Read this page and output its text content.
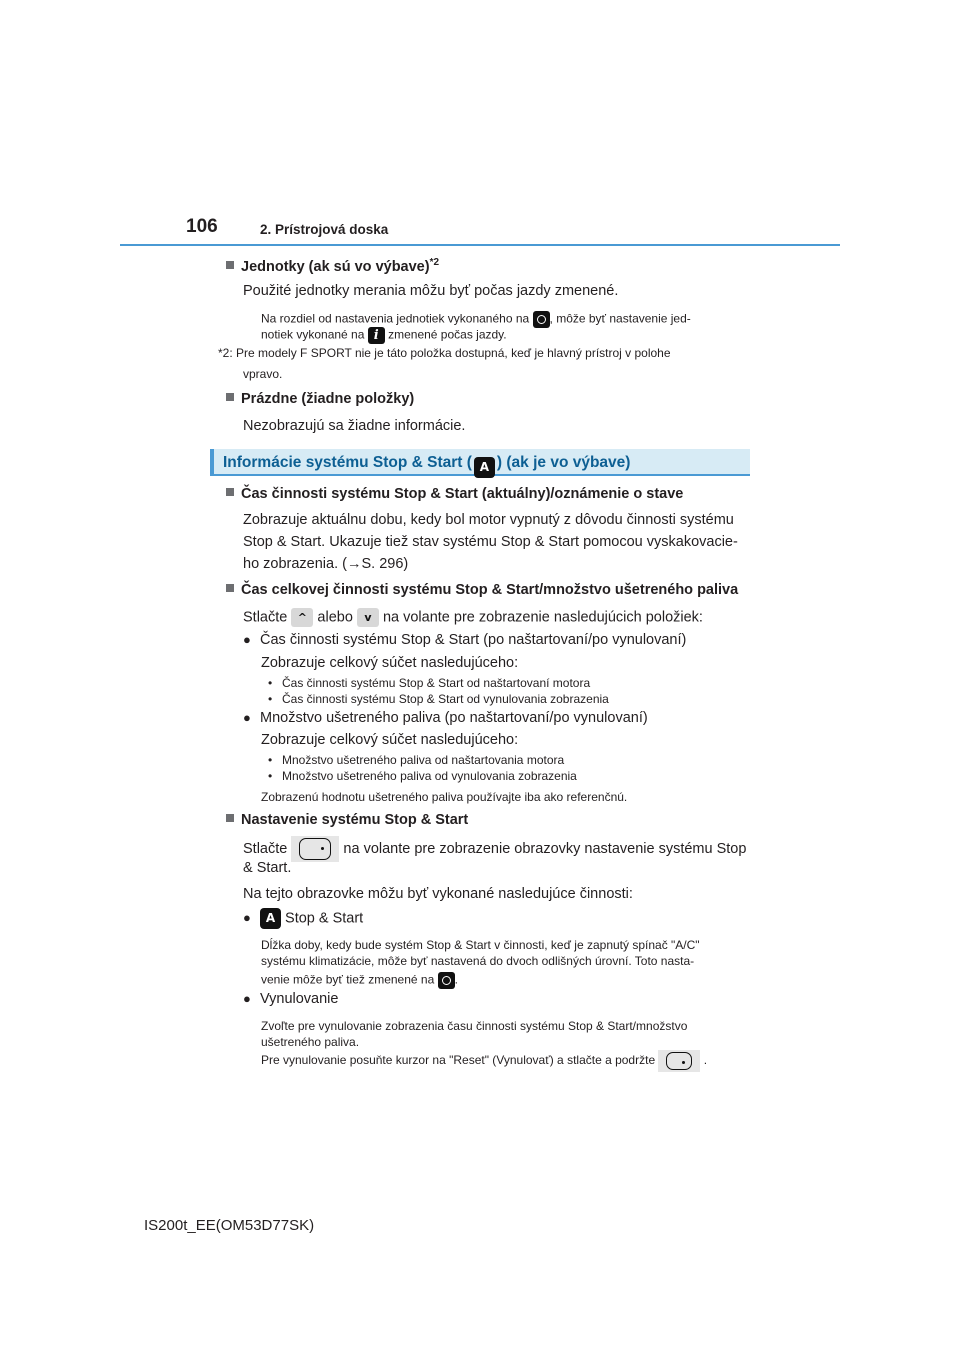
106	2. Prístrojová doska
Jednotky (ak sú vo výbave)$^{*2}$
Použité jednotky merania môžu byť počas jazdy zmenené.
Na rozdiel od nastavenia jednotiek vykonaného na , môže byť nastavenie jed-
notiek vykonané na i zmenené počas jazdy.
*2: Pre modely F SPORT nie je táto položka dostupná, keď je hlavný prístroj v polohe
vpravo.
Prázdne (žiadne položky)
Nezobrazujú sa žiadne informácie.
Informácie systému Stop & Start ( A ) (ak je vo výbave)
Čas činnosti systému Stop & Start (aktuálny)/oznámenie o stave
Zobrazuje aktuálnu dobu, kedy bol motor vypnutý z dôvodu činnosti systému
Stop & Start. Ukazuje tiež stav systému Stop & Start pomocou vyskakovacie-
ho zobrazenia. (→S. 296)
Čas celkovej činnosti systému Stop & Start/množstvo ušetreného paliva
Stlačte ^ alebo v na volante pre zobrazenie nasledujúcich položiek:
● Čas činnosti systému Stop & Start (po naštartovaní/po vynulovaní)
Zobrazuje celkový súčet nasledujúceho:
• Čas činnosti systému Stop & Start od naštartovaní motora
• Čas činnosti systému Stop & Start od vynulovania zobrazenia
● Množstvo ušetreného paliva (po naštartovaní/po vynulovaní)
Zobrazuje celkový súčet nasledujúceho:
• Množstvo ušetreného paliva od naštartovania motora
• Množstvo ušetreného paliva od vynulovania zobrazenia
Zobrazenú hodnotu ušetreného paliva používajte iba ako referenčnú.
Nastavenie systému Stop & Start
Stlačte	na volante pre zobrazenie obrazovky nastavenie systému Stop
& Start.
Na tejto obrazovke môžu byť vykonané nasledujúce činnosti:
● A Stop & Start
Dĺžka doby, kedy bude systém Stop & Start v činnosti, keď je zapnutý spínač "A/C"
systému klimatizácie, môže byť nastavená do dvoch odlišných úrovní. Toto nasta-
venie môže byť tiež zmenené na .
● Vynulovanie
Zvoľte pre vynulovanie zobrazenia času činnosti systému Stop & Start/množstvo
ušetreného paliva.
Pre vynulovanie posuňte kurzor na "Reset" (Vynulovať) a stlačte a podržte	.
IS200t_EE(OM53D77SK)
